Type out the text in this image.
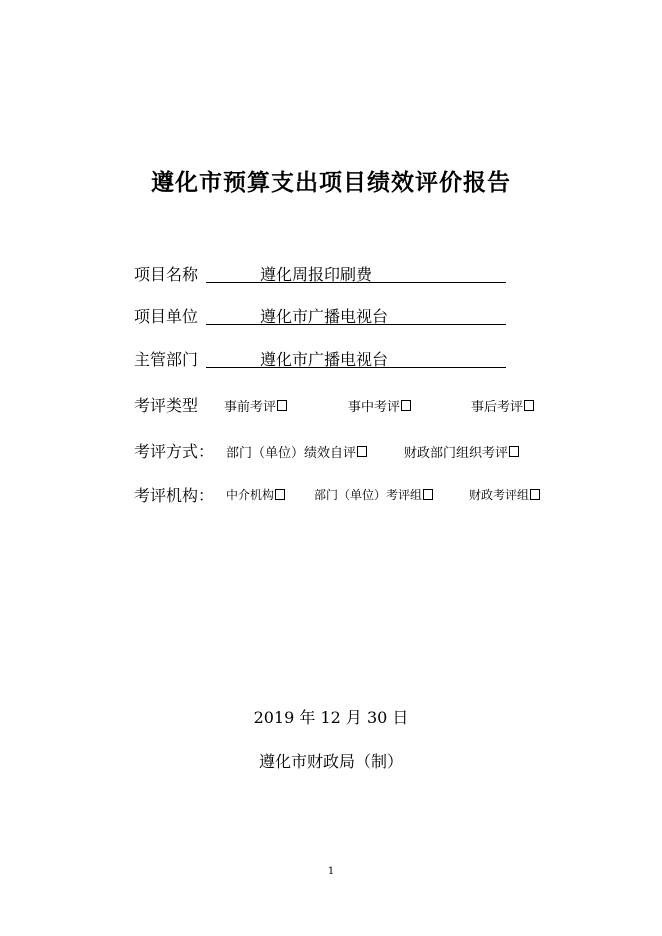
遵化市预算支出项目绩效评价报告
项目名称	遵化周报印刷费
项目单位	遵化市广播电视台
主管部门	遵化市广播电视台
考评类型 事前考评	事中考评	事后考评
考评方式： 部门（单位）绩效自评	财政部门组织考评
考评机构： 中介机构	部门（单位）考评组	财政考评组
2019 年 12 月 30 日
遵化市财政局（制）
1
